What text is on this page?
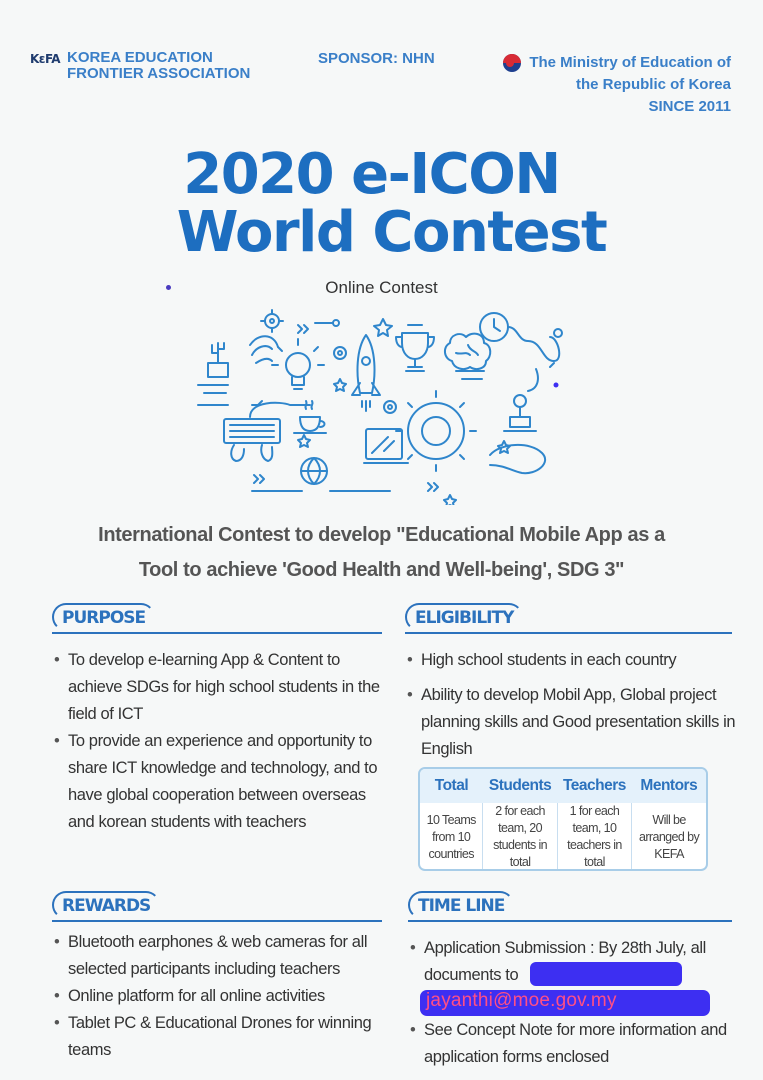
KεFA KOREA EDUCATION
FRONTIER ASSOCIATION
SPONSOR: NHN	The Ministry of Education of
the Republic of Korea
SINCE 2011
2020 e-ICON
World Contest
Online Contest
International Contest to develop "Educational Mobile App as a
Tool to achieve 'Good Health and Well-being', SDG 3"
PURPOSE
• To develop e-learning App & Content to achieve SDGs for high school students in the field of ICT
• To provide an experience and opportunity to share ICT knowledge and technology, and to have global cooperation between overseas and korean students with teachers
ELIGIBILITY
• High school students in each country
• Ability to develop Mobil App, Global project planning skills and Good presentation skills in English
Total	Students	Teachers	Mentors
10 Teams from 10 countries	2 for each team, 20 students in total	1 for each team, 10 teachers in total	Will be arranged by KEFA
REWARDS
• Bluetooth earphones & web cameras for all selected participants including teachers
• Online platform for all online activities
• Tablet PC & Educational Drones for winning teams
TIME LINE
• Application Submission : By 28th July, all documents to
• See Concept Note for more information and application forms enclosed
jayanthi@moe.gov.my
